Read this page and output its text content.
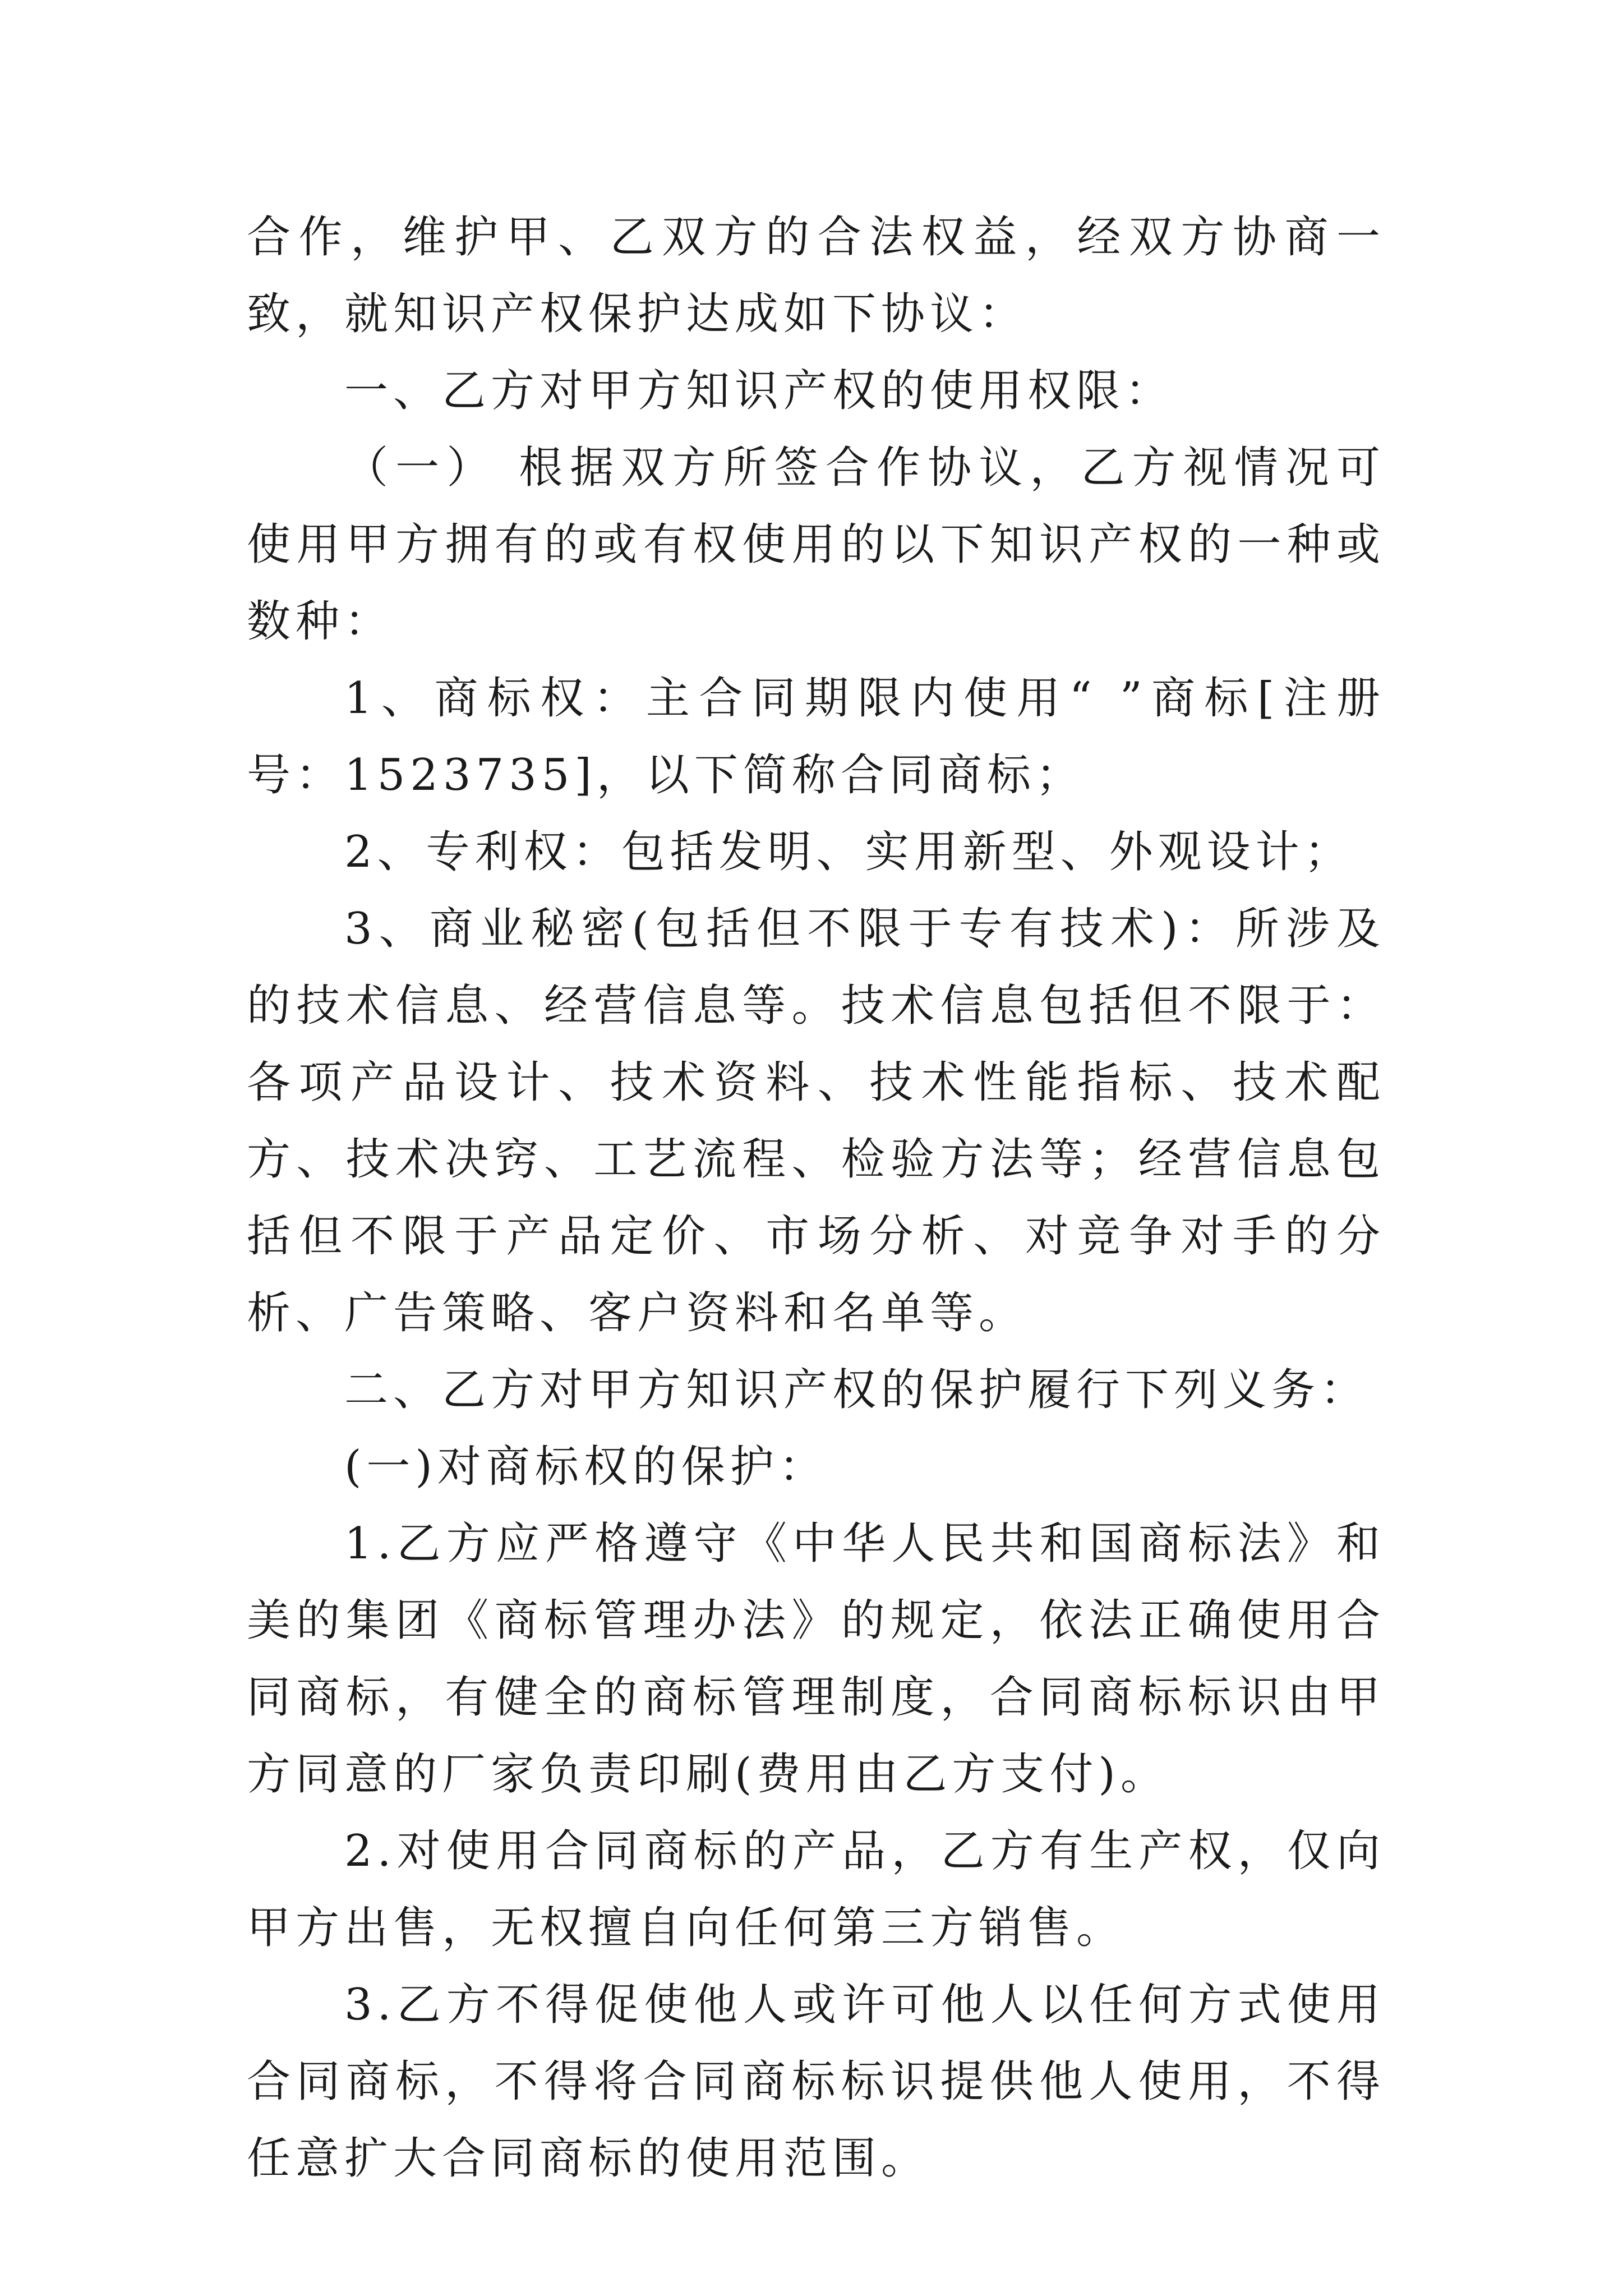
合作，维护甲、乙双方的合法权益，经双方协商一致，就知识产权保护达成如下协议：

一、乙方对甲方知识产权的使用权限：

（一） 根据双方所签合作协议，乙方视情况可使用甲方拥有的或有权使用的以下知识产权的一种或数种：

1、商标权：主合同期限内使用“ ”商标[注册号：1523735]，以下简称合同商标；

2、专利权：包括发明、实用新型、外观设计；

3、商业秘密(包括但不限于专有技术)：所涉及的技术信息、经营信息等。技术信息包括但不限于：各项产品设计、技术资料、技术性能指标、技术配方、技术决窍、工艺流程、检验方法等；经营信息包括但不限于产品定价、市场分析、对竞争对手的分析、广告策略、客户资料和名单等。

二、乙方对甲方知识产权的保护履行下列义务：

(一)对商标权的保护：

1.乙方应严格遵守《中华人民共和国商标法》和美的集团《商标管理办法》的规定，依法正确使用合同商标，有健全的商标管理制度，合同商标标识由甲方同意的厂家负责印刷(费用由乙方支付)。

2.对使用合同商标的产品，乙方有生产权，仅向甲方出售，无权擅自向任何第三方销售。

3.乙方不得促使他人或许可他人以任何方式使用合同商标，不得将合同商标标识提供他人使用，不得任意扩大合同商标的使用范围。
